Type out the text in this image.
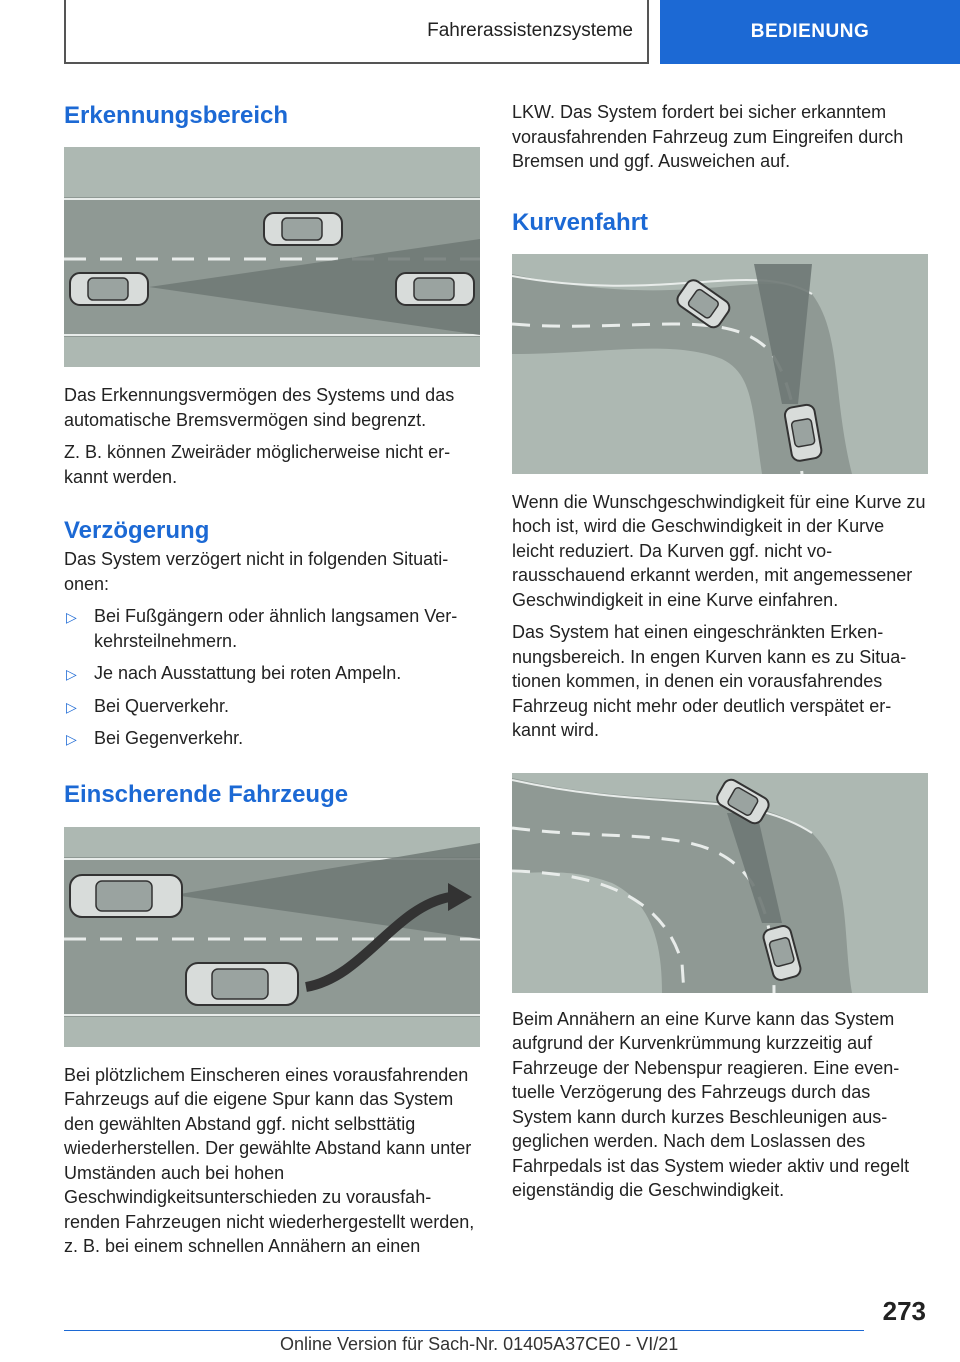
Fahrerassistenzsysteme	BEDIENUNG
Erkennungsbereich

Das Erkennungsvermögen des Systems und das automatische Bremsvermögen sind begrenzt.

Z. B. können Zweiräder möglicherweise nicht erkannt werden.

Verzögerung

Das System verzögert nicht in folgenden Situationen:

▷ Bei Fußgängern oder ähnlich langsamen Verkehrsteilnehmern.
▷ Je nach Ausstattung bei roten Ampeln.
▷ Bei Querverkehr.
▷ Bei Gegenverkehr.
Einscherende Fahrzeuge

Bei plötzlichem Einscheren eines vorausfahrenden Fahrzeugs auf die eigene Spur kann das System den gewählten Abstand ggf. nicht selbsttätig wiederherstellen. Der gewählte Abstand kann unter Umständen auch bei hohen Geschwindigkeitsunterschieden zu vorausfahrenden Fahrzeugen nicht wiederhergestellt werden, z. B. bei einem schnellen Annähern an einen

LKW. Das System fordert bei sicher erkanntem vorausfahrenden Fahrzeug zum Eingreifen durch Bremsen und ggf. Ausweichen auf.

Kurvenfahrt

Wenn die Wunschgeschwindigkeit für eine Kurve zu hoch ist, wird die Geschwindigkeit in der Kurve leicht reduziert. Da Kurven ggf. nicht vorausschauend erkannt werden, mit angemessener Geschwindigkeit in eine Kurve einfahren.

Das System hat einen eingeschränkten Erkennungsbereich. In engen Kurven kann es zu Situationen kommen, in denen ein vorausfahrendes Fahrzeug nicht mehr oder deutlich verspätet erkannt wird.

Beim Annähern an eine Kurve kann das System aufgrund der Kurvenkrümmung kurzzeitig auf Fahrzeuge der Nebenspur reagieren. Eine eventuelle Verzögerung des Fahrzeugs durch das System kann durch kurzes Beschleunigen ausgeglichen werden. Nach dem Loslassen des Fahrpedals ist das System wieder aktiv und regelt eigenständig die Geschwindigkeit.

273
Online Version für Sach-Nr. 01405A37CE0 - VI/21
